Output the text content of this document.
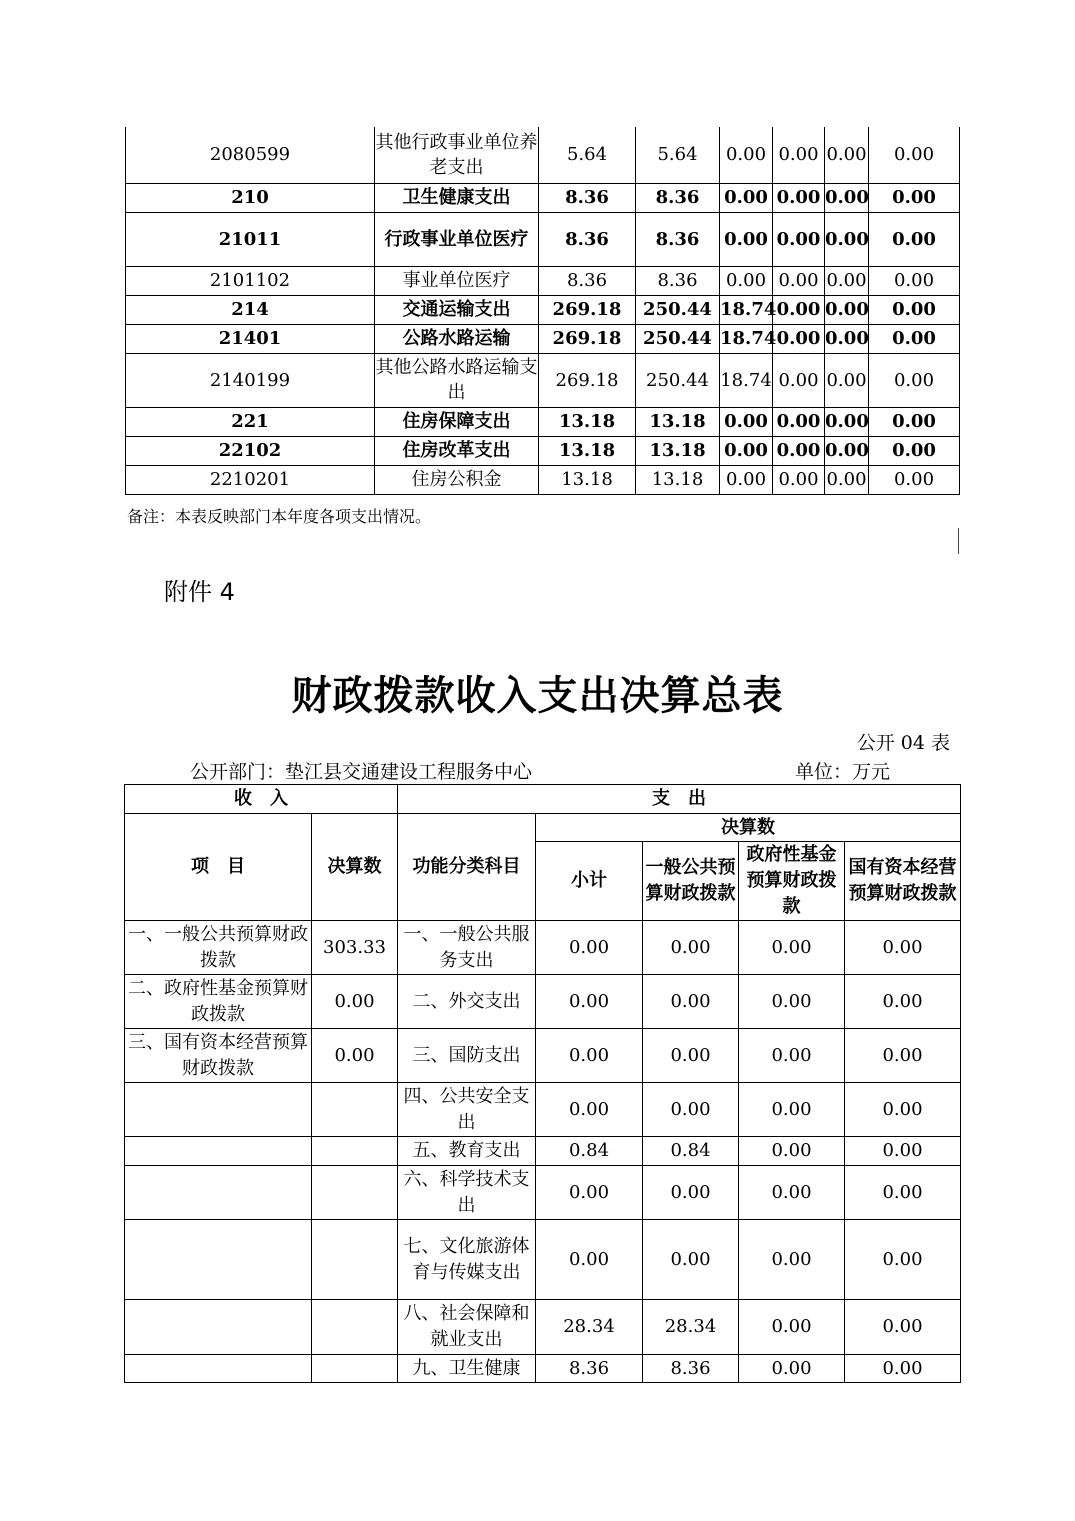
2080599	其他行政事业单位养老支出	5.64	5.64	0.00	0.00	0.00	0.00
210	卫生健康支出	8.36	8.36	0.00	0.00	0.00	0.00
21011	行政事业单位医疗	8.36	8.36	0.00	0.00	0.00	0.00
2101102	事业单位医疗	8.36	8.36	0.00	0.00	0.00	0.00
214	交通运输支出	269.18	250.44	18.74	0.00	0.00	0.00
21401	公路水路运输	269.18	250.44	18.74	0.00	0.00	0.00
2140199	其他公路水路运输支出	269.18	250.44	18.74	0.00	0.00	0.00
221	住房保障支出	13.18	13.18	0.00	0.00	0.00	0.00
22102	住房改革支出	13.18	13.18	0.00	0.00	0.00	0.00
2210201	住房公积金	13.18	13.18	0.00	0.00	0.00	0.00
备注：本表反映部门本年度各项支出情况。
附件 4
财政拨款收入支出决算总表
公开 04 表
公开部门：垫江县交通建设工程服务中心	单位：万元
收　入		支　出				
项　目	决算数	功能分类科目	决算数			
			小计	一般公共预算财政拨款	政府性基金预算财政拨款	国有资本经营预算财政拨款
一、一般公共预算财政拨款	303.33	一、一般公共服务支出	0.00	0.00	0.00	0.00
二、政府性基金预算财政拨款	0.00	二、外交支出	0.00	0.00	0.00	0.00
三、国有资本经营预算财政拨款	0.00	三、国防支出	0.00	0.00	0.00	0.00
		四、公共安全支出	0.00	0.00	0.00	0.00
		五、教育支出	0.84	0.84	0.00	0.00
		六、科学技术支出	0.00	0.00	0.00	0.00
		七、文化旅游体育与传媒支出	0.00	0.00	0.00	0.00
		八、社会保障和就业支出	28.34	28.34	0.00	0.00
		九、卫生健康	8.36	8.36	0.00	0.00
